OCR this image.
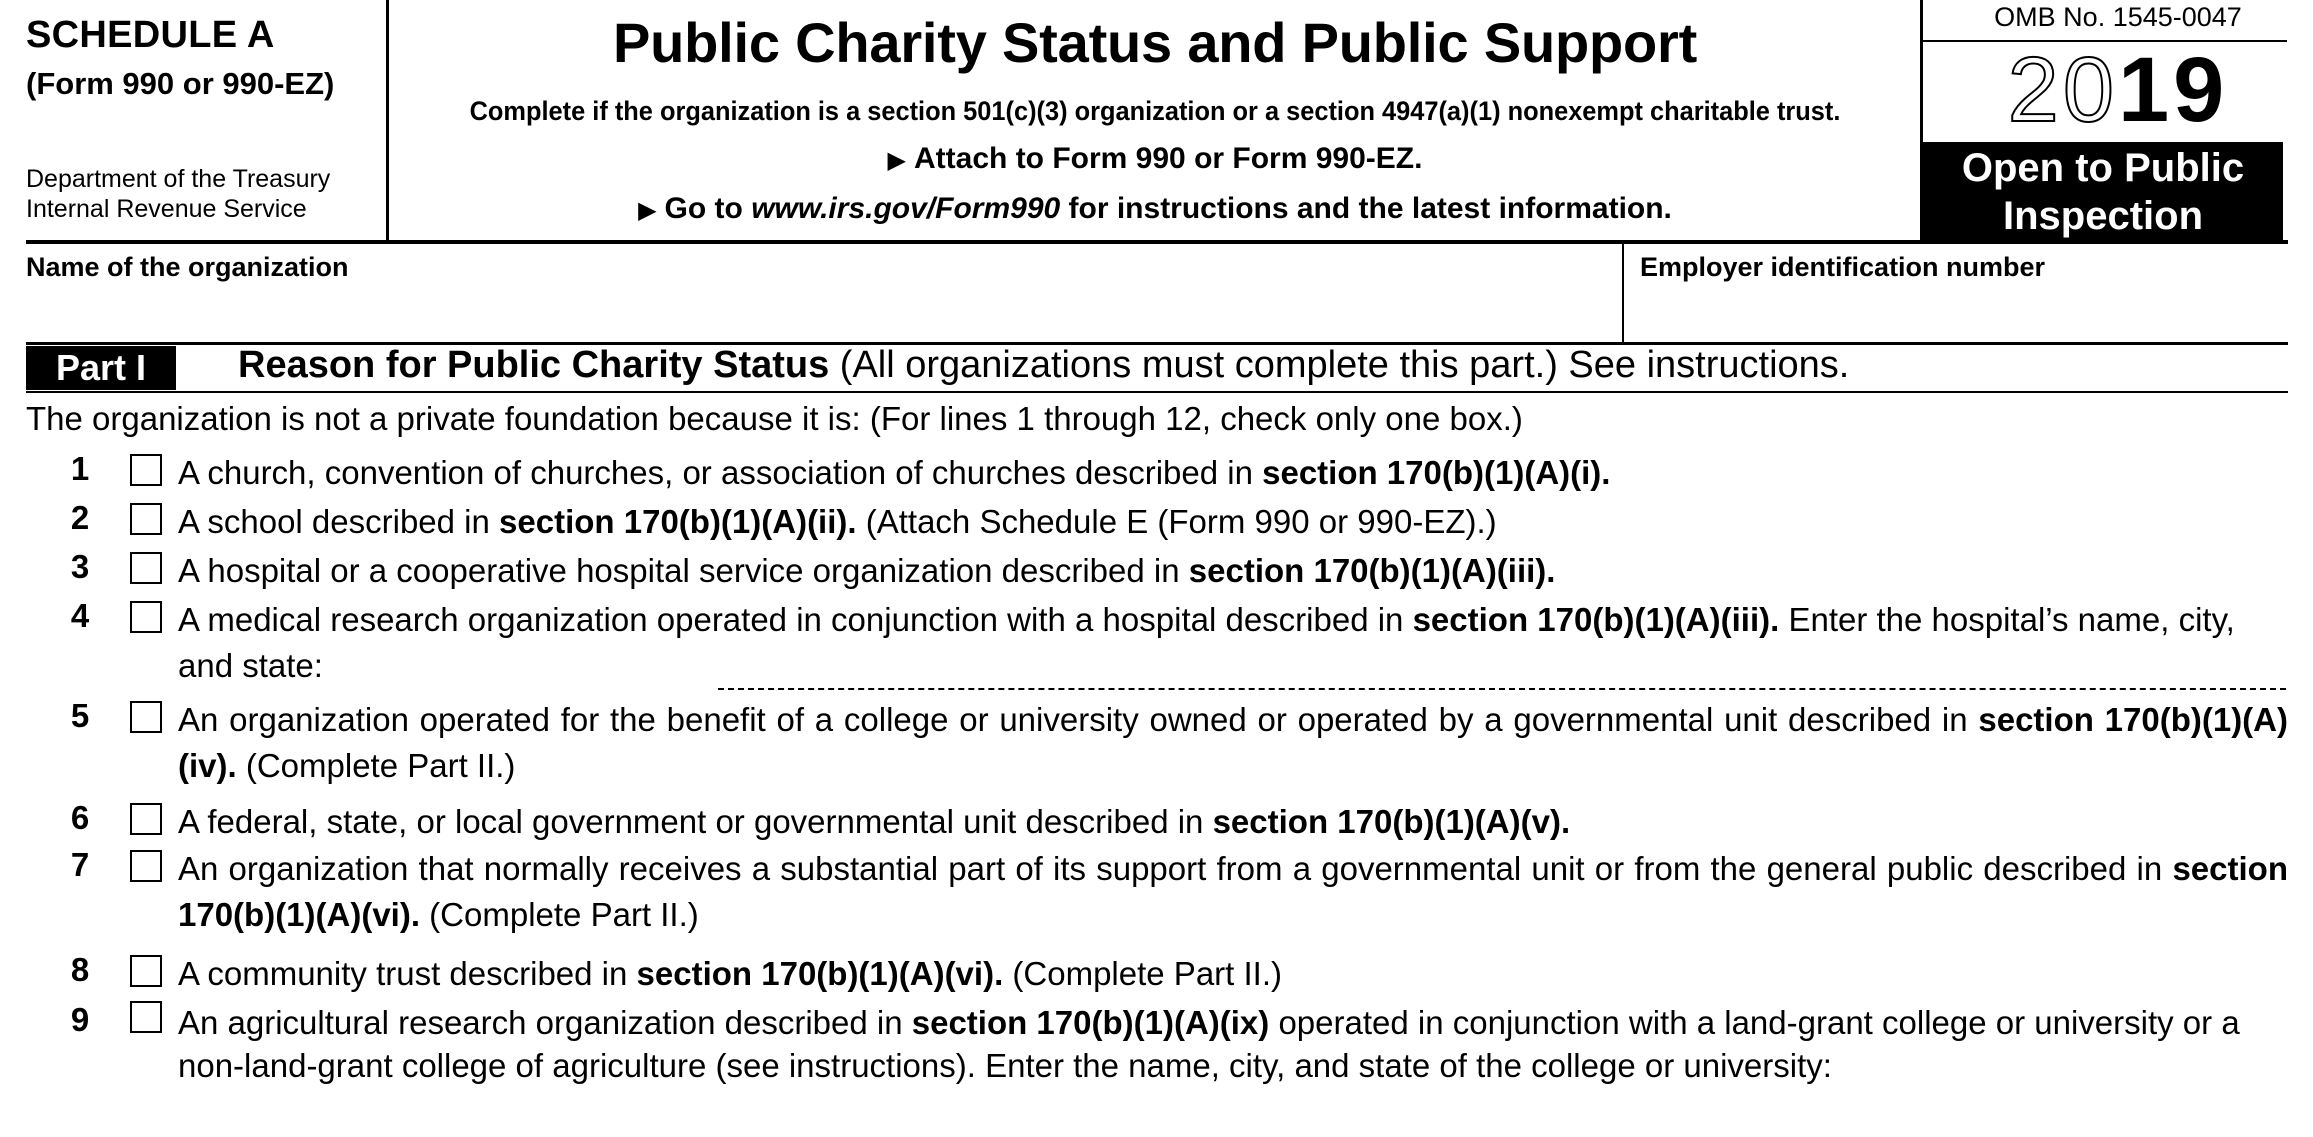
SCHEDULE A
(Form 990 or 990-EZ)
Department of the Treasury
Internal Revenue Service
Public Charity Status and Public Support
Complete if the organization is a section 501(c)(3) organization or a section 4947(a)(1) nonexempt charitable trust.
▶ Attach to Form 990 or Form 990-EZ.
▶ Go to www.irs.gov/Form990 for instructions and the latest information.
OMB No. 1545-0047
2019
Open to Public
Inspection
Name of the organization	Employer identification number
Part I	Reason for Public Charity Status (All organizations must complete this part.) See instructions.
The organization is not a private foundation because it is: (For lines 1 through 12, check only one box.)
1	A church, convention of churches, or association of churches described in section 170(b)(1)(A)(i).
2	A school described in section 170(b)(1)(A)(ii). (Attach Schedule E (Form 990 or 990-EZ).)
3	A hospital or a cooperative hospital service organization described in section 170(b)(1)(A)(iii).
4	A medical research organization operated in conjunction with a hospital described in section 170(b)(1)(A)(iii). Enter the hospital’s name, city, and state:
5	An organization operated for the benefit of a college or university owned or operated by a governmental unit described in section 170(b)(1)(A)(iv). (Complete Part II.)
6	A federal, state, or local government or governmental unit described in section 170(b)(1)(A)(v).
7	An organization that normally receives a substantial part of its support from a governmental unit or from the general public described in section 170(b)(1)(A)(vi). (Complete Part II.)
8	A community trust described in section 170(b)(1)(A)(vi). (Complete Part II.)
9	An agricultural research organization described in section 170(b)(1)(A)(ix) operated in conjunction with a land-grant college or university or a non-land-grant college of agriculture (see instructions). Enter the name, city, and state of the college or university:
